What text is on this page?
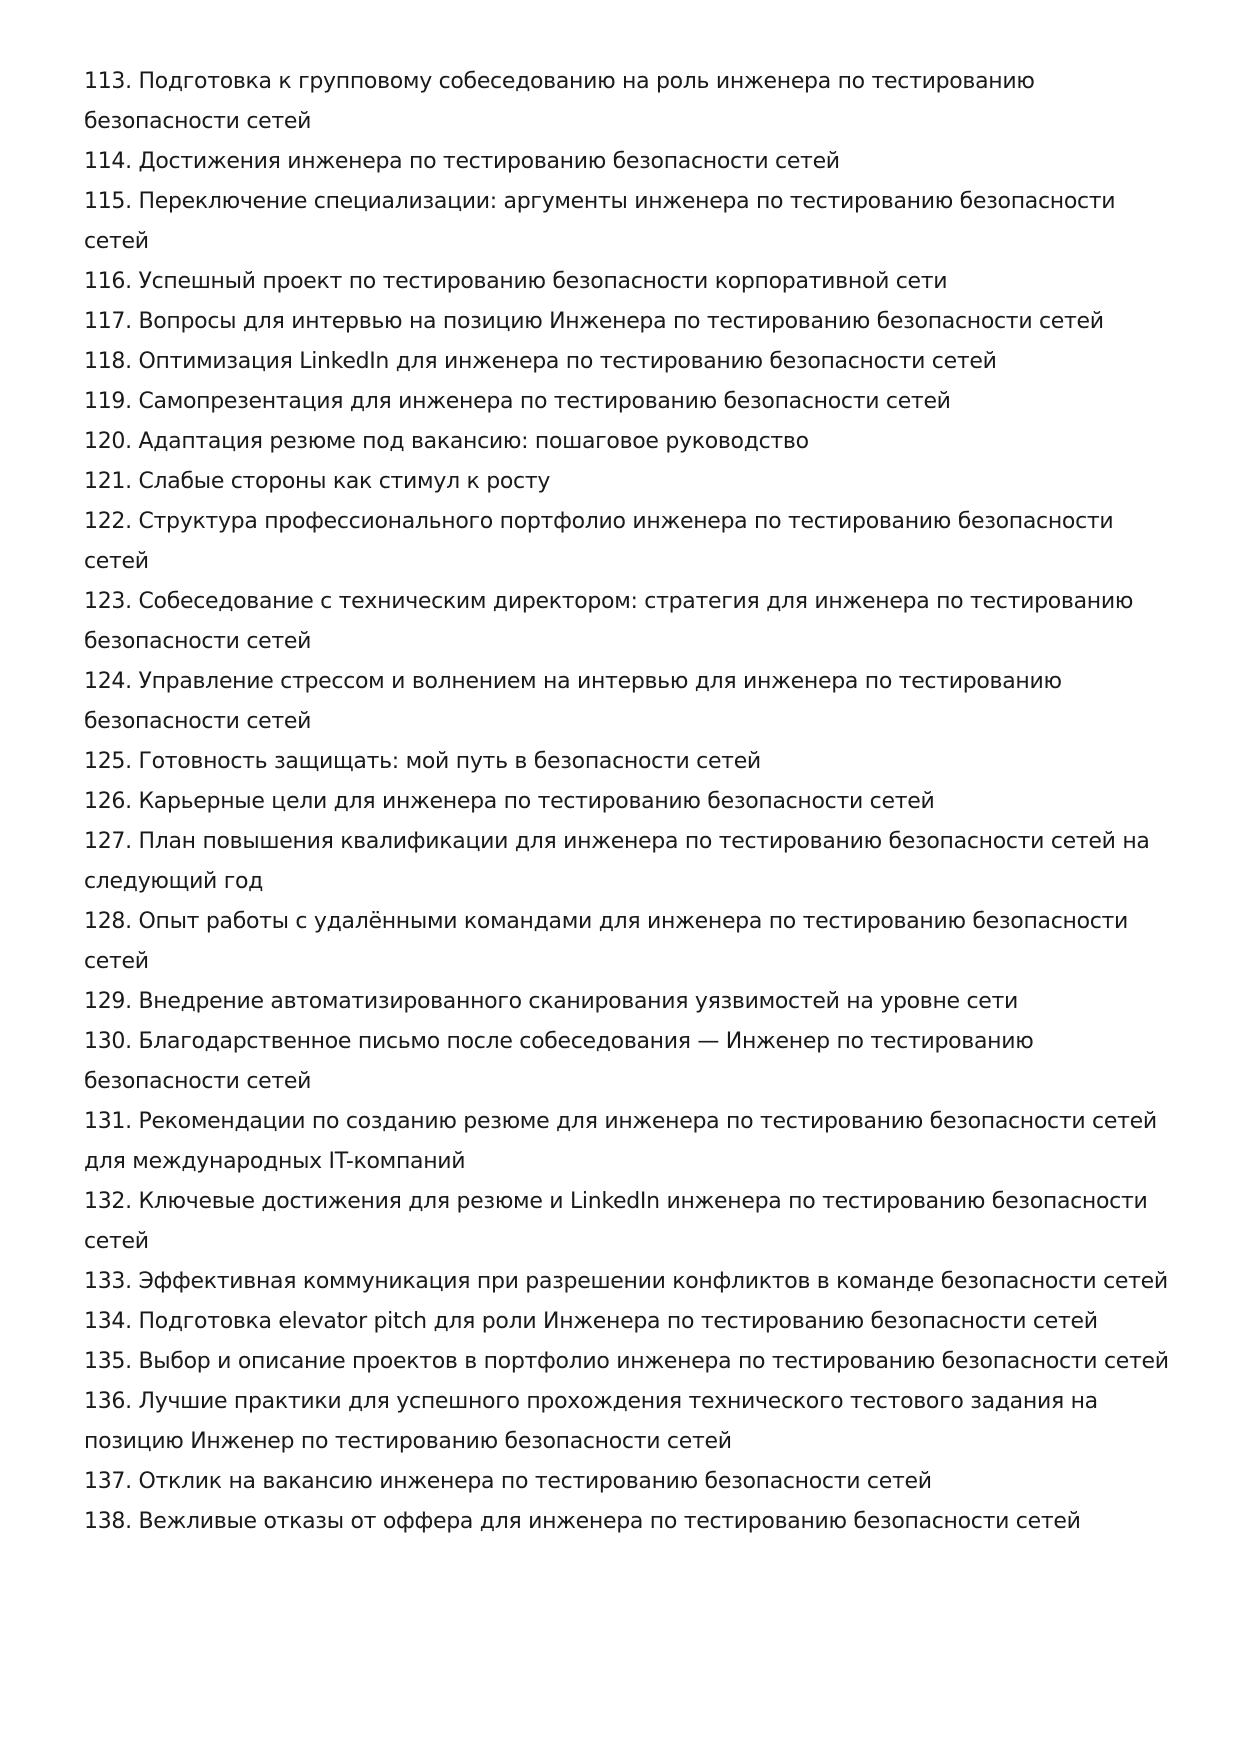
113. Подготовка к групповому собеседованию на роль инженера по тестированию безопасности сетей
114. Достижения инженера по тестированию безопасности сетей
115. Переключение специализации: аргументы инженера по тестированию безопасности сетей
116. Успешный проект по тестированию безопасности корпоративной сети
117. Вопросы для интервью на позицию Инженера по тестированию безопасности сетей
118. Оптимизация LinkedIn для инженера по тестированию безопасности сетей
119. Самопрезентация для инженера по тестированию безопасности сетей
120. Адаптация резюме под вакансию: пошаговое руководство
121. Слабые стороны как стимул к росту
122. Структура профессионального портфолио инженера по тестированию безопасности сетей
123. Собеседование с техническим директором: стратегия для инженера по тестированию безопасности сетей
124. Управление стрессом и волнением на интервью для инженера по тестированию безопасности сетей
125. Готовность защищать: мой путь в безопасности сетей
126. Карьерные цели для инженера по тестированию безопасности сетей
127. План повышения квалификации для инженера по тестированию безопасности сетей на следующий год
128. Опыт работы с удалёнными командами для инженера по тестированию безопасности сетей
129. Внедрение автоматизированного сканирования уязвимостей на уровне сети
130. Благодарственное письмо после собеседования — Инженер по тестированию безопасности сетей
131. Рекомендации по созданию резюме для инженера по тестированию безопасности сетей для международных IT-компаний
132. Ключевые достижения для резюме и LinkedIn инженера по тестированию безопасности сетей
133. Эффективная коммуникация при разрешении конфликтов в команде безопасности сетей
134. Подготовка elevator pitch для роли Инженера по тестированию безопасности сетей
135. Выбор и описание проектов в портфолио инженера по тестированию безопасности сетей
136. Лучшие практики для успешного прохождения технического тестового задания на позицию Инженер по тестированию безопасности сетей
137. Отклик на вакансию инженера по тестированию безопасности сетей
138. Вежливые отказы от оффера для инженера по тестированию безопасности сетей
